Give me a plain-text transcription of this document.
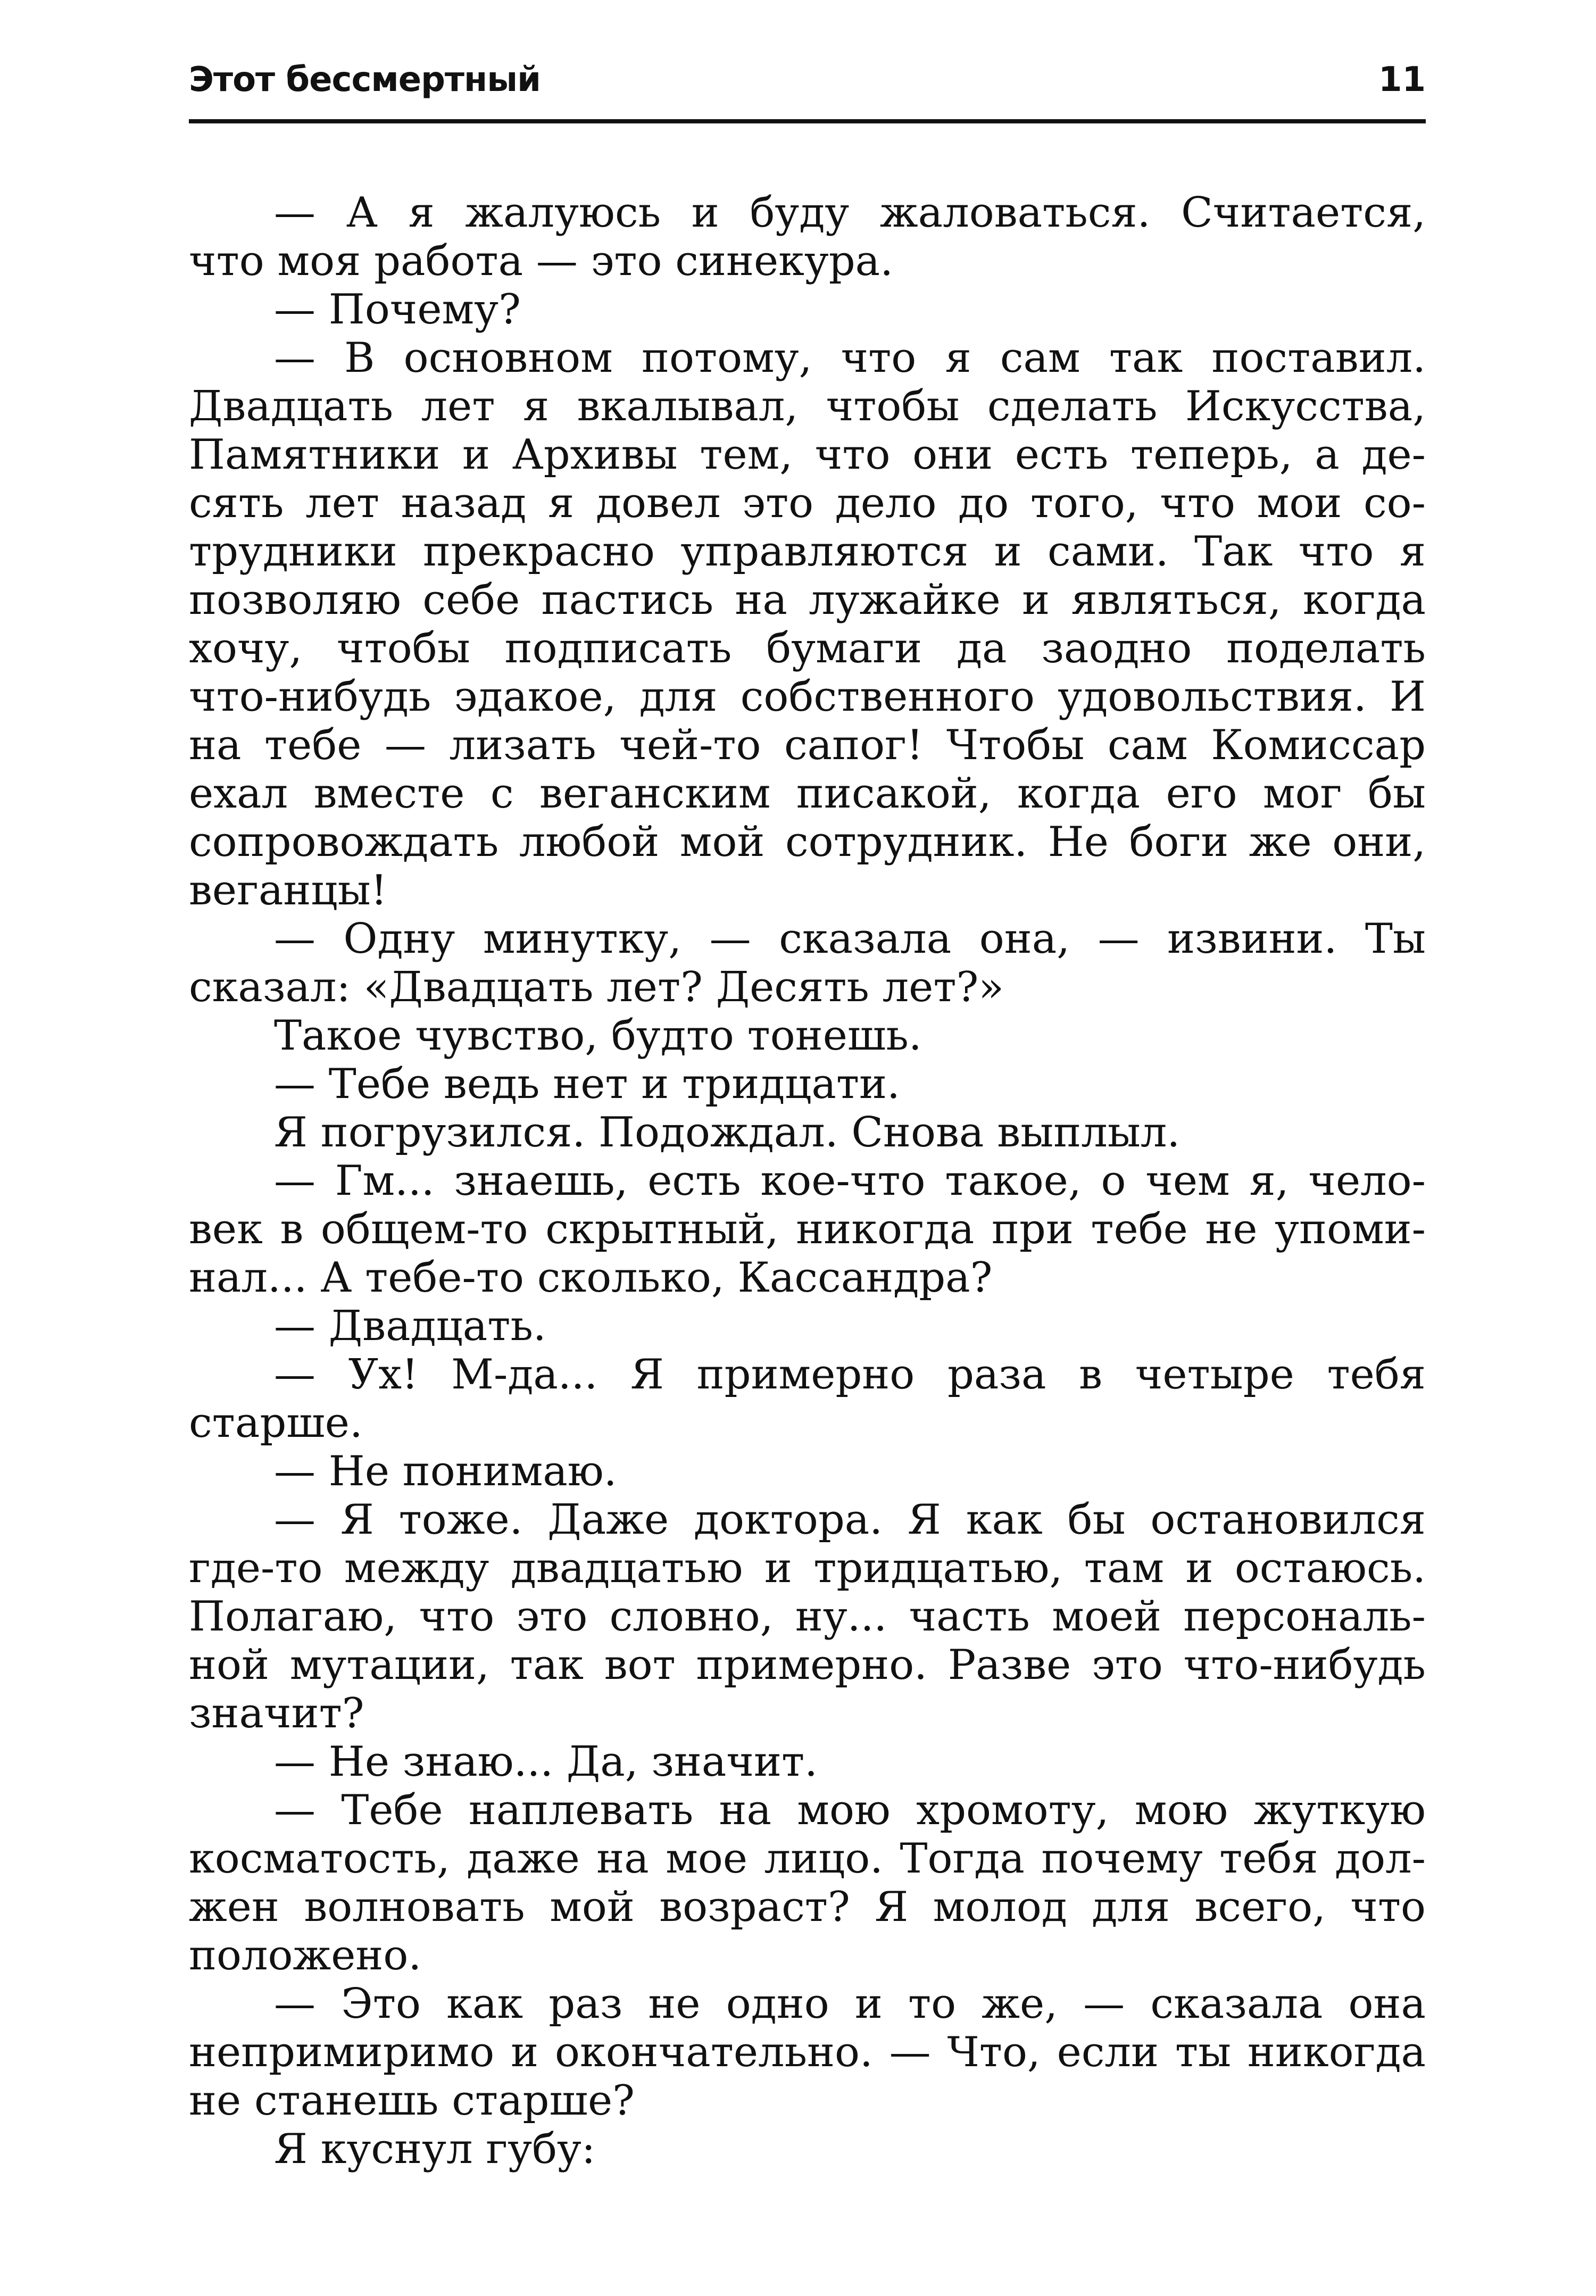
Этот бессмертный	11
— А я жалуюсь и буду жаловаться. Считается,
что моя работа — это синекура.
— Почему?
— В основном потому, что я сам так поставил.
Двадцать лет я вкалывал, чтобы сделать Искусства,
Памятники и Архивы тем, что они есть теперь, а де-
сять лет назад я довел это дело до того, что мои со-
трудники прекрасно управляются и сами. Так что я
позволяю себе пастись на лужайке и являться, когда
хочу, чтобы подписать бумаги да заодно поделать
что-нибудь эдакое, для собственного удовольствия. И
на тебе — лизать чей-то сапог! Чтобы сам Комиссар
ехал вместе с веганским писакой, когда его мог бы
сопровождать любой мой сотрудник. Не боги же они,
веганцы!
— Одну минутку, — сказала она, — извини. Ты
сказал: «Двадцать лет? Десять лет?»
Такое чувство, будто тонешь.
— Тебе ведь нет и тридцати.
Я погрузился. Подождал. Снова выплыл.
— Гм... знаешь, есть кое-что такое, о чем я, чело-
век в общем-то скрытный, никогда при тебе не упоми-
нал... А тебе-то сколько, Кассандра?
— Двадцать.
— Ух! М-да... Я примерно раза в четыре тебя
старше.
— Не понимаю.
— Я тоже. Даже доктора. Я как бы остановился
где-то между двадцатью и тридцатью, там и остаюсь.
Полагаю, что это словно, ну... часть моей персональ-
ной мутации, так вот примерно. Разве это что-нибудь
значит?
— Не знаю... Да, значит.
— Тебе наплевать на мою хромоту, мою жуткую
косматость, даже на мое лицо. Тогда почему тебя дол-
жен волновать мой возраст? Я молод для всего, что
положено.
— Это как раз не одно и то же, — сказала она
непримиримо и окончательно. — Что, если ты никогда
не станешь старше?
Я куснул губу:
